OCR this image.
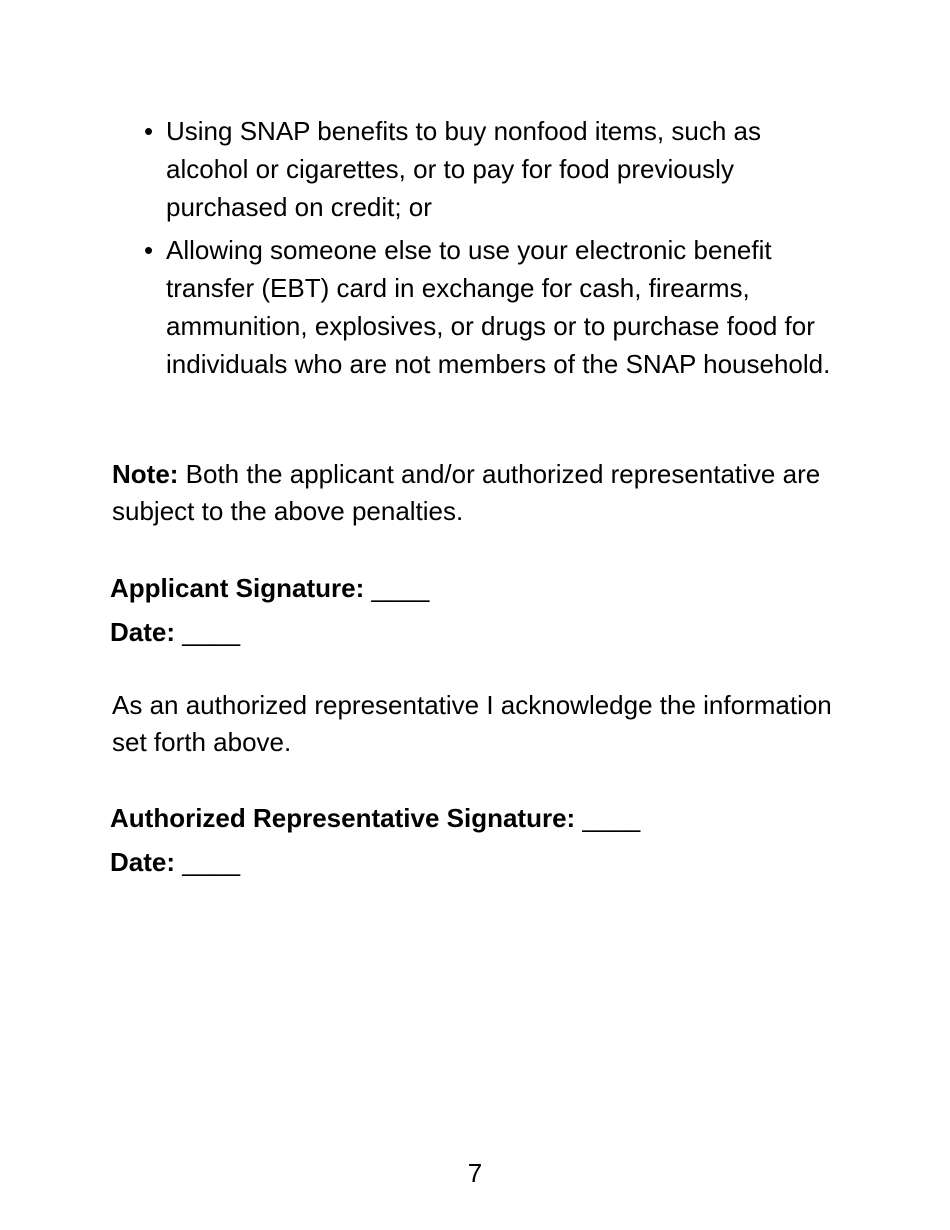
• Using SNAP benefits to buy nonfood items, such as alcohol or cigarettes, or to pay for food previously purchased on credit; or
• Allowing someone else to use your electronic benefit transfer (EBT) card in exchange for cash, firearms, ammunition, explosives, or drugs or to purchase food for individuals who are not members of the SNAP household.

Note: Both the applicant and/or authorized representative are subject to the above penalties.

Applicant Signature: ____

Date: ____

As an authorized representative I acknowledge the information set forth above.

Authorized Representative Signature: ____

Date: ____

7
